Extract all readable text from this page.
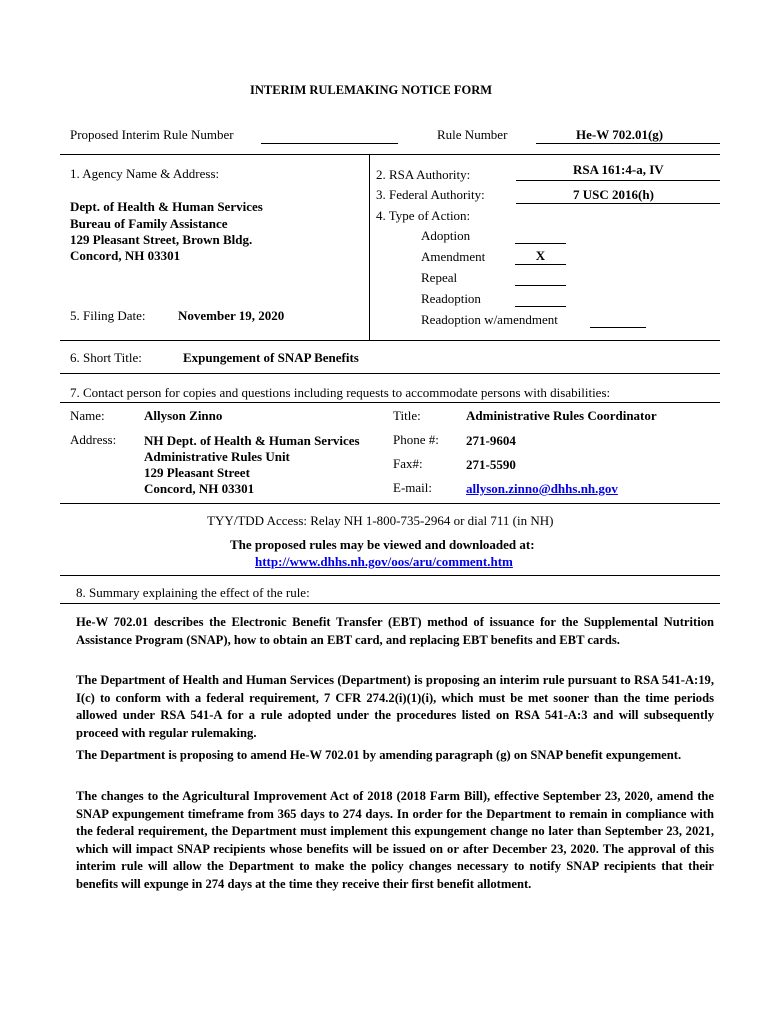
INTERIM RULEMAKING NOTICE FORM
Proposed Interim Rule Number	Rule Number	He-W 702.01(g)
1. Agency Name & Address:
Dept. of Health & Human Services
Bureau of Family Assistance
129 Pleasant Street, Brown Bldg.
Concord, NH 03301
2. RSA Authority:	RSA 161:4-a, IV
3. Federal Authority:	7 USC 2016(h)
4. Type of Action:
Adoption
Amendment	X
Repeal
Readoption
Readoption w/amendment
5. Filing Date:	November 19, 2020
6. Short Title:	Expungement of SNAP Benefits
7. Contact person for copies and questions including requests to accommodate persons with disabilities:
Name:	Allyson Zinno	Title:	Administrative Rules Coordinator
Address: NH Dept. of Health & Human Services
Administrative Rules Unit
129 Pleasant Street
Concord, NH 03301
Phone #: 271-9604
Fax#:	271-5590
E-mail:	allyson.zinno@dhhs.nh.gov
TYY/TDD Access: Relay NH 1-800-735-2964 or dial 711 (in NH)
The proposed rules may be viewed and downloaded at:
http://www.dhhs.nh.gov/oos/aru/comment.htm
8. Summary explaining the effect of the rule:

He-W 702.01 describes the Electronic Benefit Transfer (EBT) method of issuance for the Supplemental Nutrition Assistance Program (SNAP), how to obtain an EBT card, and replacing EBT benefits and EBT cards.

The Department of Health and Human Services (Department) is proposing an interim rule pursuant to RSA 541-A:19, I(c) to conform with a federal requirement, 7 CFR 274.2(i)(1)(i), which must be met sooner than the time periods allowed under RSA 541-A for a rule adopted under the procedures listed on RSA 541-A:3 and will subsequently proceed with regular rulemaking.

The Department is proposing to amend He-W 702.01 by amending paragraph (g) on SNAP benefit expungement.

The changes to the Agricultural Improvement Act of 2018 (2018 Farm Bill), effective September 23, 2020, amend the SNAP expungement timeframe from 365 days to 274 days. In order for the Department to remain in compliance with the federal requirement, the Department must implement this expungement change no later than September 23, 2021, which will impact SNAP recipients whose benefits will be issued on or after December 23, 2020. The approval of this interim rule will allow the Department to make the policy changes necessary to notify SNAP recipients that their benefits will expunge in 274 days at the time they receive their first benefit allotment.
